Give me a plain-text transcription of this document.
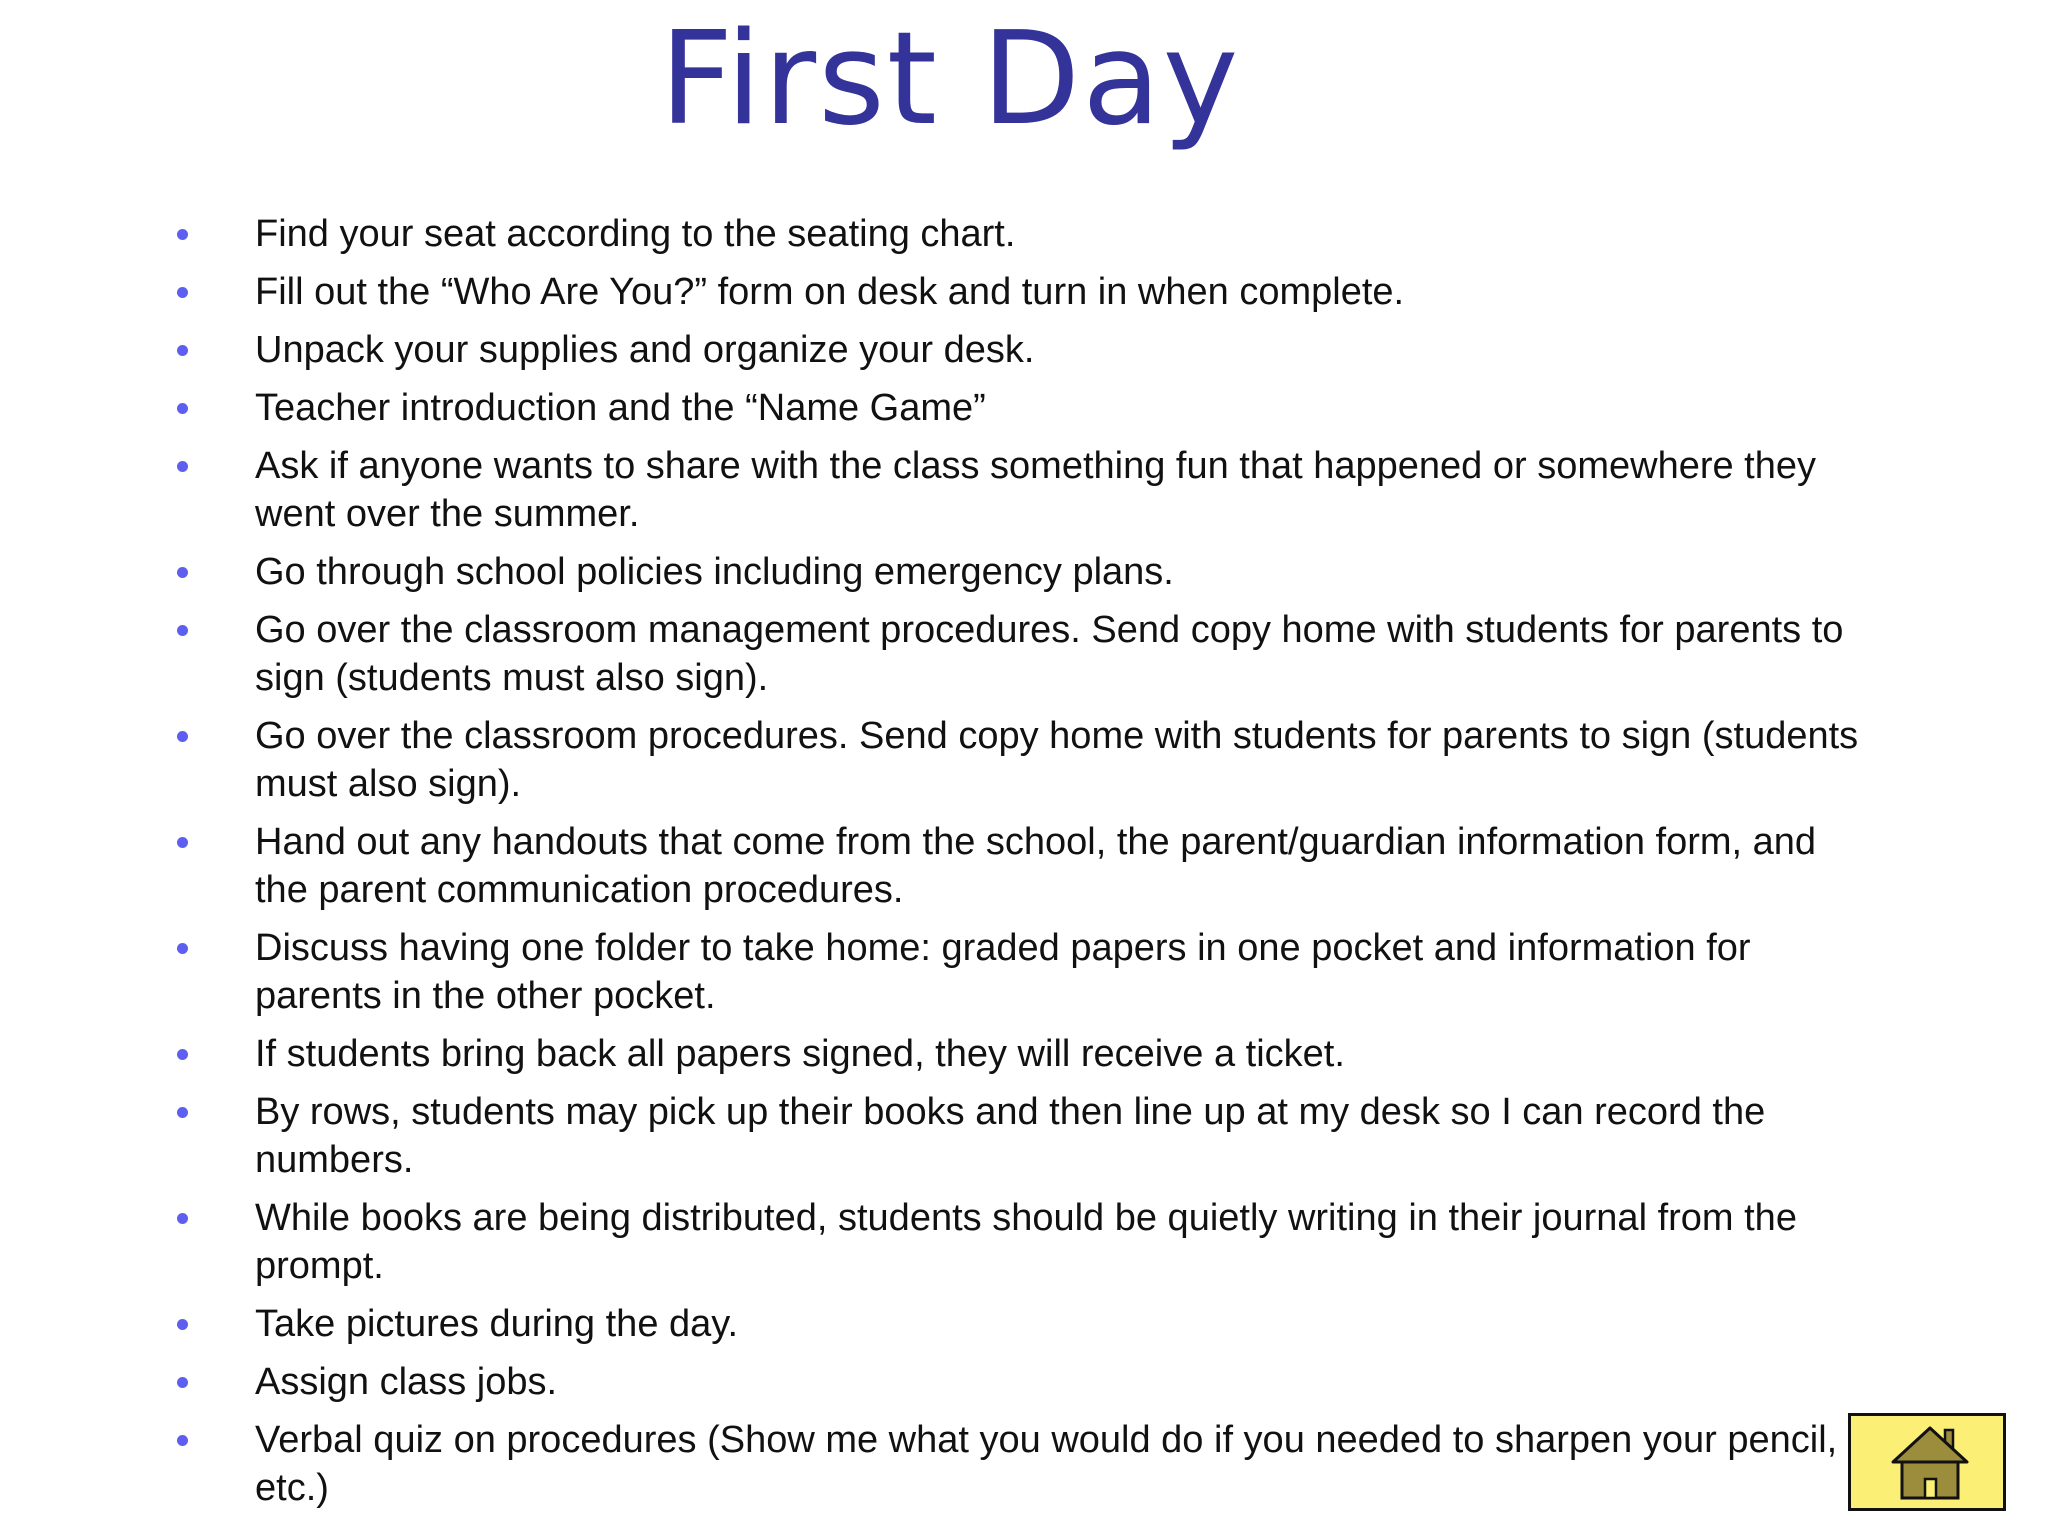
First Day
Find your seat according to the seating chart.
Fill out the “Who Are You?” form on desk and turn in when complete.
Unpack your supplies and organize your desk.
Teacher introduction and the “Name Game”
Ask if anyone wants to share with the class something fun that happened or somewhere they went over the summer.
Go through school policies including emergency plans.
Go over the classroom management procedures. Send copy home with students for parents to sign (students must also sign).
Go over the classroom procedures. Send copy home with students for parents to sign (students must also sign).
Hand out any handouts that come from the school, the parent/guardian information form, and the parent communication procedures.
Discuss having one folder to take home: graded papers in one pocket and information for parents in the other pocket.
If students bring back all papers signed, they will receive a ticket.
By rows, students may pick up their books and then line up at my desk so I can record the numbers.
While books are being distributed, students should be quietly writing in their journal from the prompt.
Take pictures during the day.
Assign class jobs.
Verbal quiz on procedures (Show me what you would do if you needed to sharpen your pencil, etc.)
